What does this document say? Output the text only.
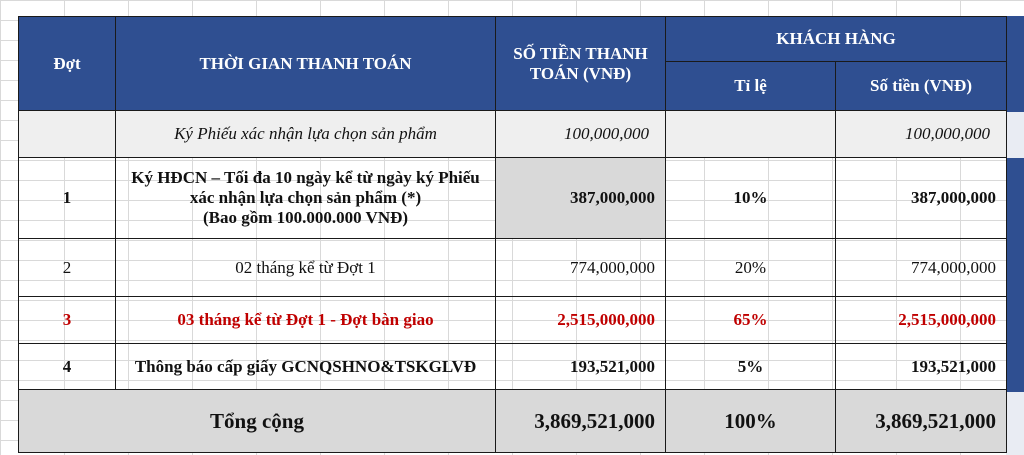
Đợt	THỜI GIAN THANH TOÁN	SỐ TIỀN THANH TOÁN (VNĐ)	KHÁCH HÀNG	
			Tỉ lệ	Số tiền (VNĐ)
	Ký Phiếu xác nhận lựa chọn sản phẩm	100,000,000		100,000,000
1	Ký HĐCN – Tối đa 10 ngày kể từ ngày ký Phiếu
xác nhận lựa chọn sản phẩm (*)
(Bao gồm 100.000.000 VNĐ)	387,000,000	10%	387,000,000
2	02 tháng kể từ Đợt 1	774,000,000	20%	774,000,000
3	03 tháng kể từ Đợt 1 - Đợt bàn giao	2,515,000,000	65%	2,515,000,000
4	Thông báo cấp giấy GCNQSHNO&TSKGLVĐ	193,521,000	5%	193,521,000
Tổng cộng		3,869,521,000	100%	3,869,521,000
